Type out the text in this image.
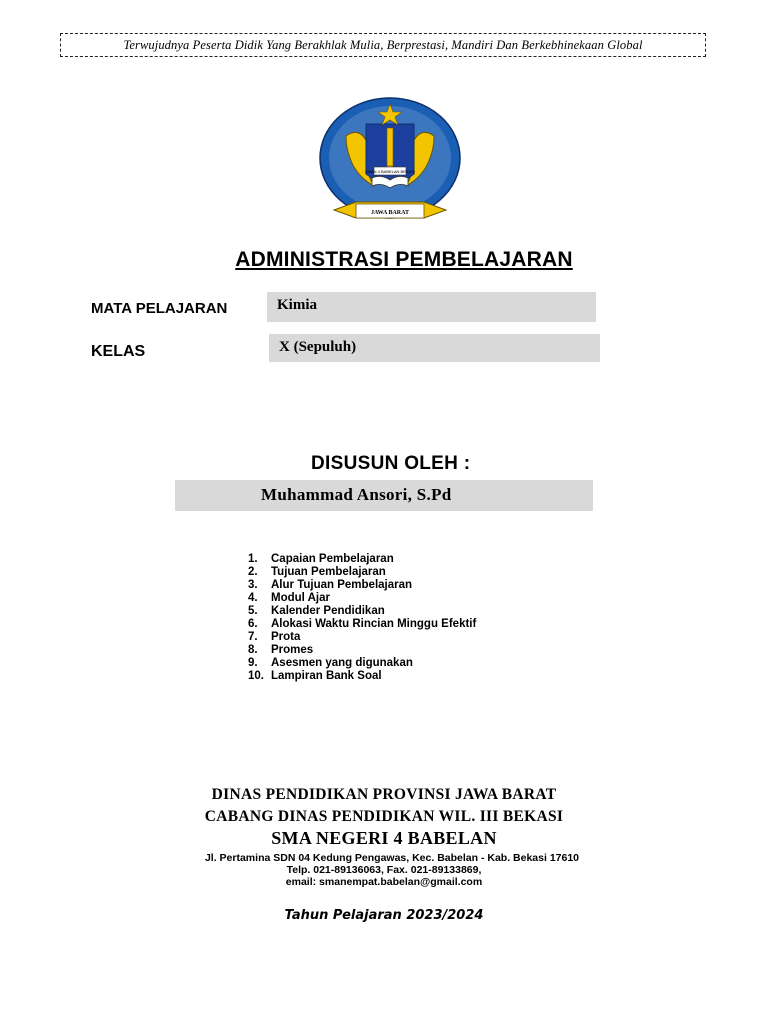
Terwujudnya Peserta Didik Yang Berakhlak Mulia, Berprestasi, Mandiri Dan Berkebhinekaan Global
SMAN 4 BABELAN BEKASI
JAWA BARAT
ADMINISTRASI PEMBELAJARAN
MATA PELAJARAN	Kimia
KELAS	X (Sepuluh)
DISUSUN OLEH :
Muhammad Ansori, S.Pd
1.	Capaian Pembelajaran
2.	Tujuan Pembelajaran
3.	Alur Tujuan Pembelajaran
4.	Modul Ajar
5.	Kalender Pendidikan
6.	Alokasi Waktu Rincian Minggu Efektif
7.	Prota
8.	Promes
9.	Asesmen yang digunakan
10. Lampiran Bank Soal
DINAS PENDIDIKAN PROVINSI JAWA BARAT
CABANG DINAS PENDIDIKAN WIL. III BEKASI
SMA NEGERI 4 BABELAN
Jl. Pertamina SDN 04 Kedung Pengawas, Kec. Babelan - Kab. Bekasi 17610
Telp. 021-89136063, Fax. 021-89133869,
email: smanempat.babelan@gmail.com
Tahun Pelajaran 2023/2024
